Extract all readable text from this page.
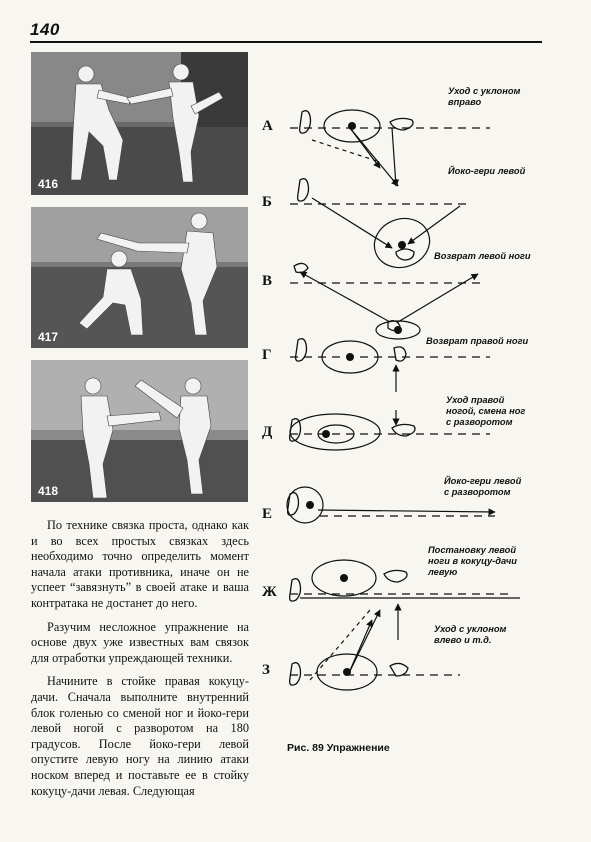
140
416
417
418

По технике связка проста, однако как и во всех простых связках здесь необходимо точно определить момент начала атаки противника, иначе он не успеет “завязнуть” в своей атаке и ваша контратака не достанет до него.

Разучим несложное упражнение на основе двух уже известных вам связок для отработки упреждающей техники.

Начините в стойке правая кокуцу-дачи. Сначала выполните внутренний блок голенью со сменой ног и йоко-гери левой ногой с разворотом на 180 градусов. После йоко-гери левой опустите левую ногу на линию атаки носком вперед и поставьте ее в стойку кокуцу-дачи левая. Следующая

А
Б
В
Г
Д
Е
Ж
З
Уход с уклоном
вправо
Йоко-гери левой
Возврат левой ноги
Возврат правой ноги
Уход правой
ногой, смена ног
с разворотом
Йоко-гери левой
с разворотом
Постановку левой
ноги в кокуцу-дачи
левую
Уход с уклоном
влево и т.д.
Рис. 89 Упражнение
